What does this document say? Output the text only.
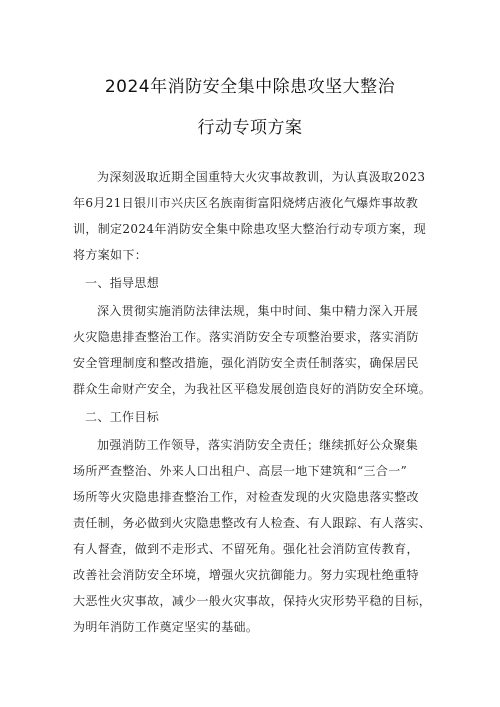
2024年消防安全集中除患攻坚大整治
行动专项方案
为深刻汲取近期全国重特大火灾事故教训，为认真汲取2023
年6月21日银川市兴庆区名族南街富阳烧烤店液化气爆炸事故教
训，制定2024年消防安全集中除患攻坚大整治行动专项方案，现
将方案如下：
一、指导思想
深入贯彻实施消防法律法规，集中时间、集中精力深入开展
火灾隐患排查整治工作。落实消防安全专项整治要求，落实消防
安全管理制度和整改措施，强化消防安全责任制落实，确保居民
群众生命财产安全，为我社区平稳发展创造良好的消防安全环境。
二、工作目标
加强消防工作领导，落实消防安全责任；继续抓好公众聚集
场所严查整治、外来人口出租户、高层一地下建筑和“三合一”
场所等火灾隐患排查整治工作，对检查发现的火灾隐患落实整改
责任制，务必做到火灾隐患整改有人检查、有人跟踪、有人落实、
有人督查，做到不走形式、不留死角。强化社会消防宣传教育，
改善社会消防安全环境，增强火灾抗御能力。努力实现杜绝重特
大恶性火灾事故，减少一般火灾事故，保持火灾形势平稳的目标，
为明年消防工作奠定坚实的基础。
